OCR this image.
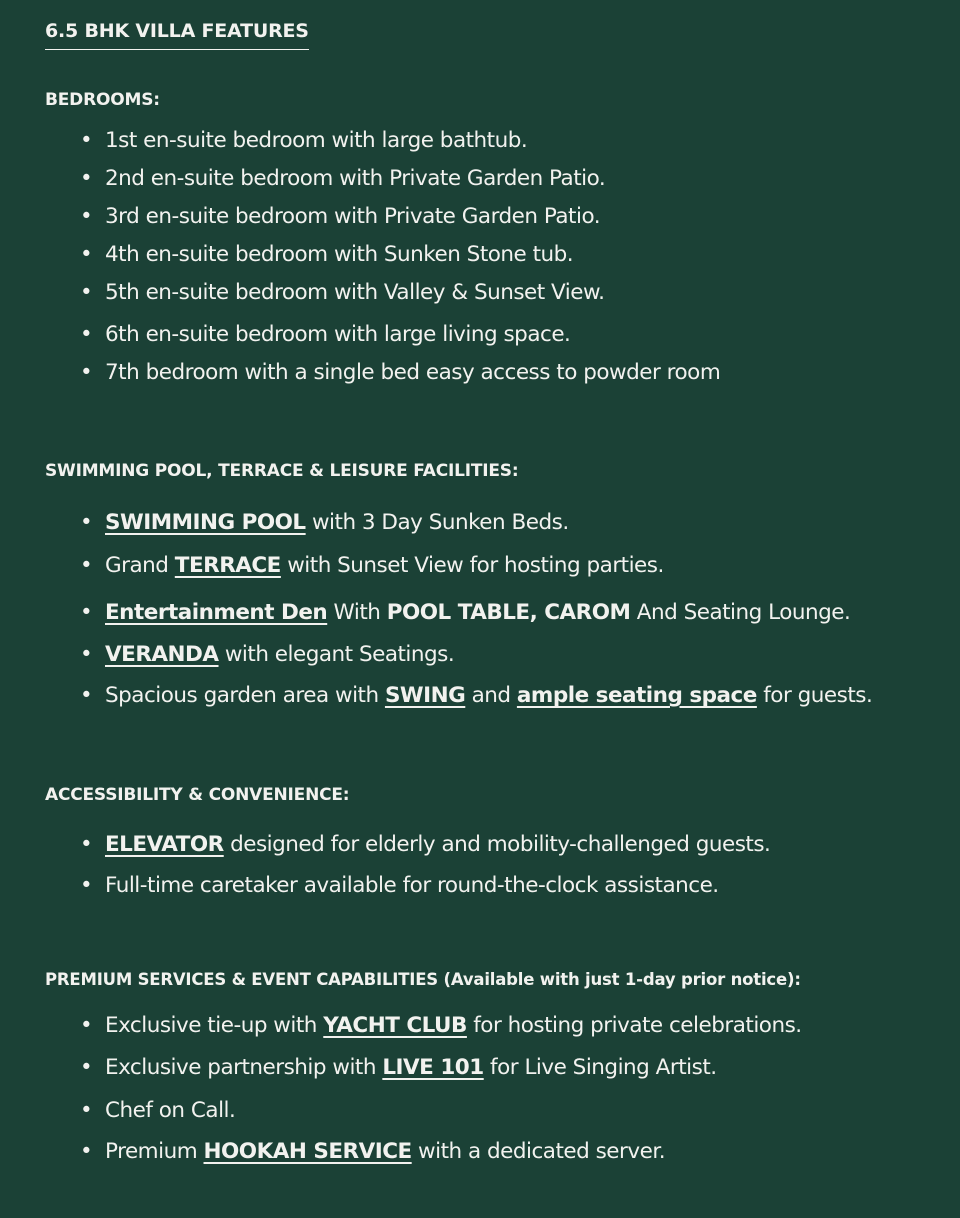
6.5 BHK VILLA FEATURES
BEDROOMS:
• 1st en-suite bedroom with large bathtub.
• 2nd en-suite bedroom with Private Garden Patio.
• 3rd en-suite bedroom with Private Garden Patio.
• 4th en-suite bedroom with Sunken Stone tub.
• 5th en-suite bedroom with Valley & Sunset View.
• 6th en-suite bedroom with large living space.
• 7th bedroom with a single bed easy access to powder room
SWIMMING POOL, TERRACE & LEISURE FACILITIES:
• SWIMMING POOL with 3 Day Sunken Beds.
• Grand TERRACE with Sunset View for hosting parties.
• Entertainment Den With POOL TABLE, CAROM And Seating Lounge.
• VERANDA with elegant Seatings.
• Spacious garden area with SWING and ample seating space for guests.
ACCESSIBILITY & CONVENIENCE:
• ELEVATOR designed for elderly and mobility-challenged guests.
• Full-time caretaker available for round-the-clock assistance.
PREMIUM SERVICES & EVENT CAPABILITIES (Available with just 1-day prior notice):
• Exclusive tie-up with YACHT CLUB for hosting private celebrations.
• Exclusive partnership with LIVE 101 for Live Singing Artist.
• Chef on Call.
• Premium HOOKAH SERVICE with a dedicated server.
